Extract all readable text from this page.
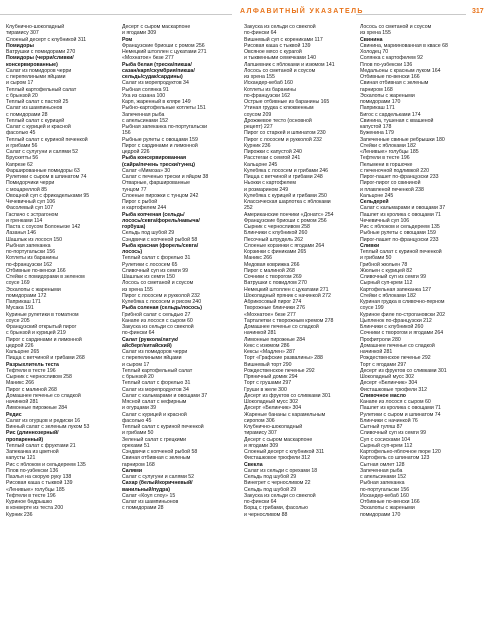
АЛФАВИТНЫЙ УКАЗАТЕЛЬ	317
Клубнично-шоколадный
тирамису 307
Слоеный десерт с клубникой 311
Помидоры
Ватрушки с помидорами 270
Помидоры (черри/сливки/
консервированные)
Салат из помидоров черри
с перепелиными яйцами
и сыром 17
Теплый картофельный салат
с брынзой 20
Теплый салат с пастой 25
Салат из шампиньонов
с помидорами 28
Теплый салат с курицей
Салат с курицей и красной
фасолью 45
Теплый салат с куриной печенкой
и грибами 56
Салат с сулугуни и салями 52
Брускетты 56
Капрезе 62
Фаршированные помидоры 63
Рулетики с сыром в шпинатом 74
Помидорчики черри
с моцареллой 85
Овощной суп с фрикадельками 95
Чечевичный суп 106
Фасолевый суп 107
Гаспачо с эстрагоном
и гренками 114
Паста с соусом Болоньезе 142
Лазанья 146
Шашлык из лосося 150
Рыбная запеканка
по-португальски 156
Котлеты из баранины
по-французски 162
Отбивные по-венски 166
Стейки с помидорами в зеленом
соусе 169
Эскалопы с жареными
помидорами 172
Паприкаш 171
Мусака 191
Куриные рулетики в томатном
соусе 205
Французский открытый пирог
с брынзой и курицей 219
Пирог с сардинами и лимонной
цедрой 226
Кальцоне 265
Пицца с ветчиной и грибами 268
Разрыхлитель теста
Тефтели в тесте 196
Сырник с черносливом 258
Маникс 266
Пирог с малиной 268
Домашнее печенье со сладкой
начинкой 281
Лимонные пирожные 284
Редис
Салат из огурцов и редиски 16
Винный салат с зеленым луком 53
Рис (длиннозерный/
пропаренный)
Теплый салат с фруктами 21
Запеканка из цветной
капусты 121
Рис с яблоком и сельдереем 135
Плов по-узбекски 136
Паэлья на скорую руку 138
Рисовая каша с тыквой 139
«Ленивые» голубцы 185
Тефтели в тесте 196
Куриное бедрышко
в конверте из теста 200
Курник 236
Десерт с сыром маскарпоне
и ягодами 309
Ром
Французские бриоши с ромом 256
Немецкий штоллен с цукатами 271
«Мохнатое» безе 277
Рыба белая (треска/пикша/
сазан/карп/скумбрия/пикша/
сельдь/судак/сардины)
Салат из морепродуктов 34
Рыбная солянка 91
Уха из сазана 100
Карп, жаренный в кляре 149
Рыбно-картофельные котлеты 151
Запеченная рыба
с апельсинами 152
Рыбная запеканка по-португальски
156
Рыбные рулеты с овощами 159
Пирог с сардинами и лимонной
цедрой 226
Рыба консервированная
(сайра/печень трески/тунец)
Салат «Мимоза» 30
Салат с печенью трески и яйцом 38
Отварные, фаршированные
тунцом 77
Слоеные пирожки с тунцом 242
Пирог с рыбой
и картофелем 244
Рыба копченая (сельдь/
лосось/севга/форель/навыча/
горбуша)
Сельдь под шубой 29
Сэндвичи с копченой рыбой 58
Рыба красная (форель/севга/
лосось)
Теплый салат с форелью 31
Рулетики с лососем 65
Сливочный суп из семги 99
Шашлык из семги 150
Лосось со сметаной и соусом
из хрена 155
Пирог с лососем и рукколой 232
Кулебяка с лососем и рисом 240
Рыба соленая (сельдь/лосось)
Грибной салат с сельдью 27
Канапе из лосося с сыром 60
Закуска из сельди со свеклой
по-фински 64
Салат (руккола/латук/
айсберг/китайский)
Салат из помидоров черри
с перепелиными яйцами
и сыром 17
Теплый картофельный салат
с брынзой 20
Теплый салат с форелью 31
Салат из морепродуктов 34
Салат с кальмарами и овощами 37
Мясной салат с кефирным
и огурцами 39
Салат с курицей и красной
фасолью 45
Теплый салат с куриной печенкой
и грибами 50
Зеленый салат с грецкими
орехами 51
Сэндвичи с копченой рыбой 58
Свиная отбивная с зеленым
гарниром 168
Салями
Салат с сулугуни и салями 52
Сахар (белый/коричневый/
ванильный/пудра)
Салат «Коул слоу» 15
Салат из шампиньонов
с помидорами 28
Закуска из сельди со свеклой
по-фински 64
Вишневый суп с корениками 117
Рисовая каша с тыквой 139
Овсяное мясо с курагой
и тыквенными семечками 140
Лапшевник с яблоками и изюмом 141
Лосось со сметаной и соусом
из хрена 155
Искандер-кебаб 160
Котлеты из баранины
по-французски 162
Острые отбивные из баранины 165
Утиная грудка с клюквенным
соусом 209
Дрожжевое тесто (основной
рецепт) 227
Пирог со старкей и шпинатом 230
Пирог с лососем и рукколой 232
Курник 236
Пирожки с капустой 240
Расстегаи с семгой 241
Кальцоне 245
Кулебяка с лососем и грибами 246
Пицца с ветчиной и грибами 248
Ньокки с картофелем
и розмарином 249
Кулебяка с курицей и грибами 250
Классическая шарлотка с яблоками
252
Американские пончики «Донатс» 254
Французские бриоши с ромом 256
Сырник с черносливом 258
Блинчики с клубникой 260
Песочный штрудель 262
Слоеные корзинки с ягодами 264
Корзинки с финиками 265
Маникс 266
Медовая коврижка 266
Пирог с малиной 268
Сочники с творогом 269
Ватрушки с повидлом 270
Немецкий штоллен с цукатами 271
Шоколадный пряник с начинкой 272
Абрикосовый пирог 274
Творожные блинчики 276
«Мохнатое» безе 277
Тарталетки с творожным кремом 278
Домашнее печенье со сладкой
начинкой 281
Лимонные пирожные 284
Кекс с изюмом 286
Кексы «Мадлен» 287
Торт «Графские развалины» 288
Вишневый торт 290
Рождественское печенье 292
Пряничный домик 294
Торт с грушами 297
Груши в желе 300
Десерт из фруктов со сливками 301
Шоколадный мусс 302
Десерт «Белинчик» 304
Жареные бананы с карамельным
сиропом 306
Клубнично-шоколадный
тирамису 307
Десерт с сыром маскарпоне
и ягодами 309
Слоеный десерт с клубникой 311
Фисташковое трюфели 312
Свекла
Салат из сельди с орехами 18
Сельдь под шубой 29
Винегрет с черносливом 22
Сельдь под шубой 29
Закуска из сельди со свеклой
по-фински 64
Борщ с грибами, фасолью
и черносливом 88
Лосось со сметаной и соусом
из хрена 155
Свинина
Свинина, мариинованная в квасе 68
Холодец 70
Солянка с картофелем 92
Плов по-узбекски 136
Медальоны с красным луком 164
Отбивные по-венски 166
Свиная отбивная с зеленым
гарниром 168
Эскалопы с жареными
помидорами 170
Паприкаш 171
Бигос с сардельками 174
Свинина, тушеная с квашеной
капустой 178
Буженина 179
Запеченные свиные ребрышки 180
Стейки с яблоками 182
«Ленивые» голубцы 185
Тефтели в тесте 196
Пельмени в горшочке
с печеночной подливкой 220
Пирог-пашет по-французски 233
Пирог-пирог со свининой
и плавленой печенкой 238
Кальцоне 245
Сельдерей
Салат с кальмарами и овощами 37
Пашлет из кролика с овощами 71
Чечевичный суп 106
Рис с яблоком и сельдереем 135
Рыбные рулеты с овощами 159
Пирог-пашет по-французски 233
Сливки
Теплый салат с куриной печенкой
и грибами 50
Грибной жюльен 78
Жюльен с курицей 82
Сливочный суп из семги 99
Сырный суп-крем 112
Картофельная запеканка 127
Стейки с яблоками 182
Куриная грудка в сливочно-перном
соусе 199
Куриное филе по-строгановски 202
Цыпленок по-французски 212
Блинчики с клубникой 260
Сочники с творогом и ягодами 264
Профитроли 280
Домашнее печенье со сладкой
начинкой 281
Рождественское печенье 292
Торт с ягодами 297
Десерт из фруктов со сливками 301
Шоколадный мусс 302
Десерт «Белинчик» 304
Фисташковые трюфели 312
Сливочное масло
Канапе из лосося с сыром 60
Пашлет из кролика с овощами 71
Рулетики с сыром и шпинатом 74
Блинчики с начинкой 76
Сытный гуляш 87
Сливочный суп из семги 99
Суп с сосисками 104
Сырный суп-крем 112
Картофельно-яблочное пюре 120
Картофель со шпинатом 123
Сытная омлет 128
Запеченная рыба
с апельсинами 152
Рыбная запеканка
по-португальски 156
Искандер-кебаб 160
Отбивные по-венски 166
Эскалопы с жареными
помидорами 170
